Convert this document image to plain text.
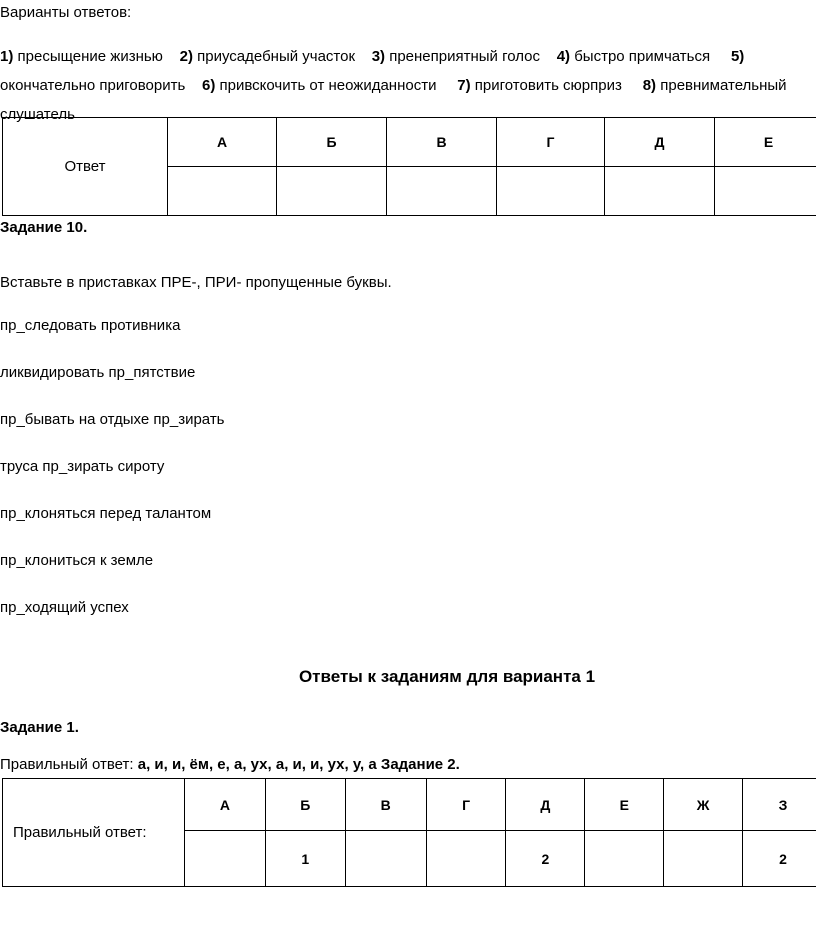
Варианты ответов:
1) пресыщение жизнью 2) приусадебный участок 3) пренеприятный голос 4) быстро примчаться 5) окончательно приговорить 6) привскочить от неожиданности 7) приготовить сюрприз 8) превнимательный слушатель
Ответ	А	Б	В	Г	Д	Е

Задание 10.
Вставьте в приставках ПРЕ-, ПРИ- пропущенные буквы.
пр_следовать противника
ликвидировать пр_пятствие
пр_бывать на отдыхе пр_зирать
труса пр_зирать сироту
пр_клоняться перед талантом
пр_клониться к земле
пр_ходящий успех
Ответы к заданиям для варианта 1
Задание 1.
Правильный ответ: а, и, и, ём, е, а, ух, а, и, и, ух, у, а Задание 2.
Правильный ответ:	А	Б	В	Г	Д	Е	Ж	З
		1			2			2
